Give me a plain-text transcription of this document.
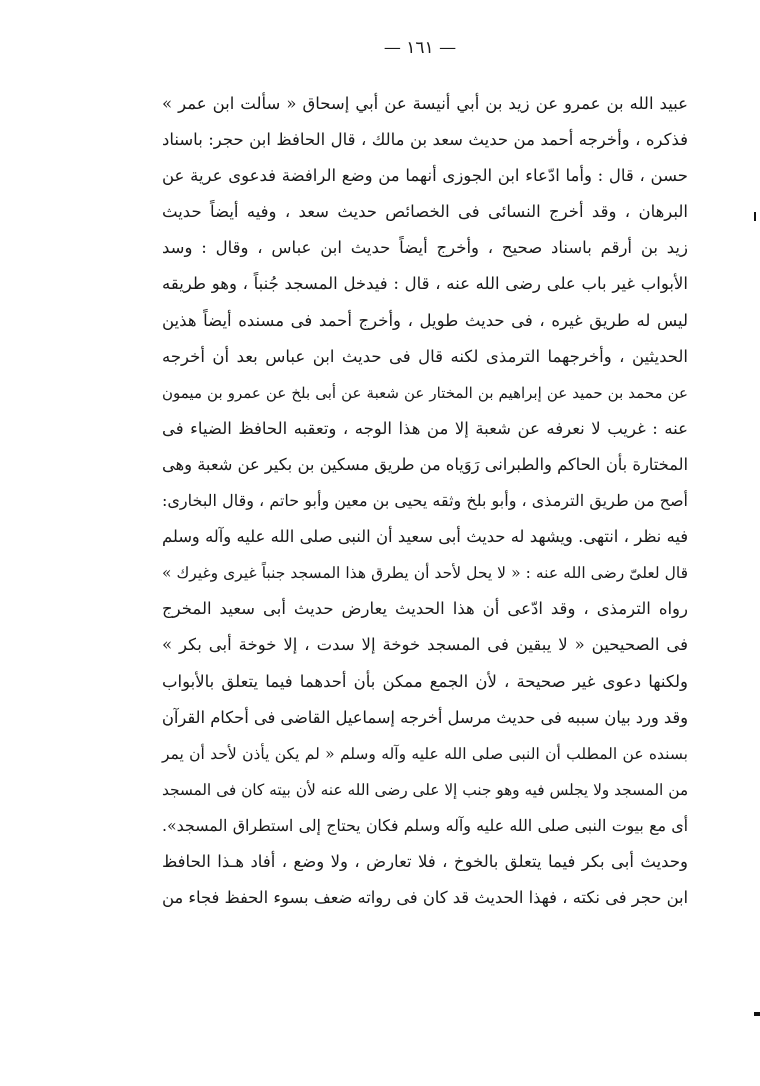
— ١٦١ —
عبيد الله بن عمرو عن زيد بن أبي أنيسة عن أبي إسحاق « سألت ابن عمر »
فذكره ، وأخرجه أحمد من حديث سعد بن مالك ، قال الحافظ ابن حجر: باسناد
حسن ، قال : وأما ادّعاء ابن الجوزى أنهما من وضع الرافضة فدعوى عرية عن
البرهان ، وقد أخرج النسائى فى الخصائص حديث سعد ، وفيه أيضاً حديث
زيد بن أرقم باسناد صحيح ، وأخرج أيضاً حديث ابن عباس ، وقال : وسد
الأبواب غير باب على رضى الله عنه ، قال : فيدخل المسجد جُنباً ، وهو طريقه
ليس له طريق غيره ، فى حديث طويل ، وأخرج أحمد فى مسنده أيضاً هذين
الحديثين ، وأخرجهما الترمذى لكنه قال فى حديث ابن عباس بعد أن أخرجه
عن محمد بن حميد عن إبراهيم بن المختار عن شعبة عن أبى بلخ عن عمرو بن ميمون
عنه : غريب لا نعرفه عن شعبة إلا من هذا الوجه ، وتعقبه الحافظ الضياء فى
المختارة بأن الحاكم والطبرانى رَوَياه من طريق مسكين بن بكير عن شعبة وهى
أصح من طريق الترمذى ، وأبو بلخ وثقه يحيى بن معين وأبو حاتم ، وقال البخارى:
فيه نظر ، انتهى. ويشهد له حديث أبى سعيد أن النبى صلى الله عليه وآله وسلم
قال لعلىّ رضى الله عنه : « لا يحل لأحد أن يطرق هذا المسجد جنباً غيرى وغيرك »
رواه الترمذى ، وقد ادّعى أن هذا الحديث يعارض حديث أبى سعيد المخرج
فى الصحيحين « لا يبقين فى المسجد خوخة إلا سدت ، إلا خوخة أبى بكر »
ولكنها دعوى غير صحيحة ، لأن الجمع ممكن بأن أحدهما فيما يتعلق بالأبواب
وقد ورد بيان سببه فى حديث مرسل أخرجه إسماعيل القاضى فى أحكام القرآن
بسنده عن المطلب أن النبى صلى الله عليه وآله وسلم « لم يكن يأذن لأحد أن يمر
من المسجد ولا يجلس فيه وهو جنب إلا على رضى الله عنه لأن بيته كان فى المسجد
أى مع بيوت النبى صلى الله عليه وآله وسلم فكان يحتاج إلى استطراق المسجد».
وحديث أبى بكر فيما يتعلق بالخوخ ، فلا تعارض ، ولا وضع ، أفاد هـذا الحافظ
ابن حجر فى نكته ، فهذا الحديث قد كان فى رواته ضعف بسوء الحفظ فجاء من
